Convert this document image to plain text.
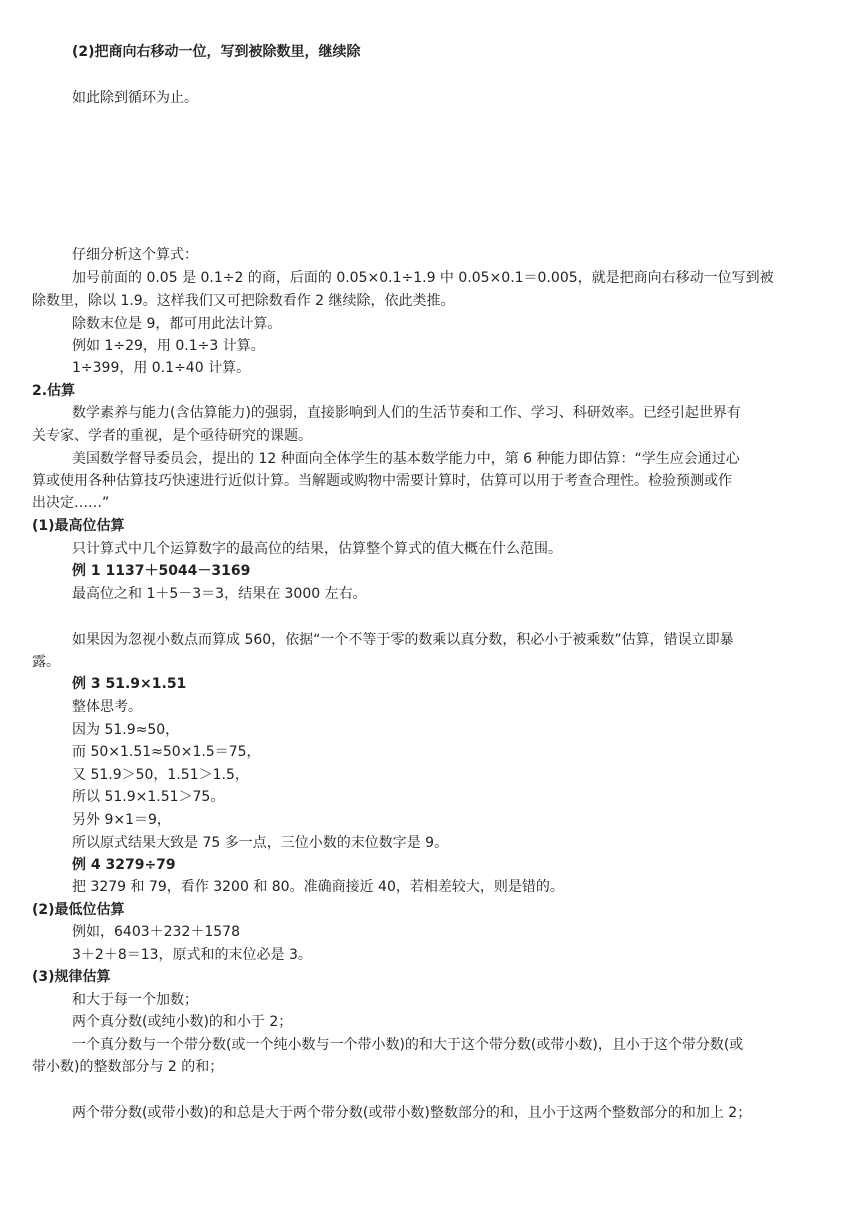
(2)把商向右移动一位，写到被除数里，继续除
如此除到循环为止。
仔细分析这个算式：
加号前面的 0.05 是 0.1÷2 的商，后面的 0.05×0.1÷1.9 中 0.05×0.1＝0.005，就是把商向右移动一位写到被
除数里，除以 1.9。这样我们又可把除数看作 2 继续除，依此类推。
除数末位是 9，都可用此法计算。
例如 1÷29，用 0.1÷3 计算。
1÷399，用 0.1÷40 计算。
2.估算
数学素养与能力(含估算能力)的强弱，直接影响到人们的生活节奏和工作、学习、科研效率。已经引起世界有
关专家、学者的重视，是个亟待研究的课题。
美国数学督导委员会，提出的 12 种面向全体学生的基本数学能力中，第 6 种能力即估算：“学生应会通过心
算或使用各种估算技巧快速进行近似计算。当解题或购物中需要计算时，估算可以用于考查合理性。检验预测或作
出决定……”
(1)最高位估算
只计算式中几个运算数字的最高位的结果，估算整个算式的值大概在什么范围。
例 1 1137＋5044－3169
最高位之和 1＋5－3＝3，结果在 3000 左右。
如果因为忽视小数点而算成 560，依据“一个不等于零的数乘以真分数，积必小于被乘数”估算，错误立即暴
露。
例 3 51.9×1.51
整体思考。
因为 51.9≈50，
而 50×1.51≈50×1.5＝75，
又 51.9＞50，1.51＞1.5，
所以 51.9×1.51＞75。
另外 9×1＝9，
所以原式结果大致是 75 多一点，三位小数的末位数字是 9。
例 4 3279÷79
把 3279 和 79，看作 3200 和 80。准确商接近 40，若相差较大，则是错的。
(2)最低位估算
例如，6403＋232＋1578
3＋2＋8＝13，原式和的末位必是 3。
(3)规律估算
和大于每一个加数；
两个真分数(或纯小数)的和小于 2；
一个真分数与一个带分数(或一个纯小数与一个带小数)的和大于这个带分数(或带小数)，且小于这个带分数(或
带小数)的整数部分与 2 的和；
两个带分数(或带小数)的和总是大于两个带分数(或带小数)整数部分的和，且小于这两个整数部分的和加上 2；
